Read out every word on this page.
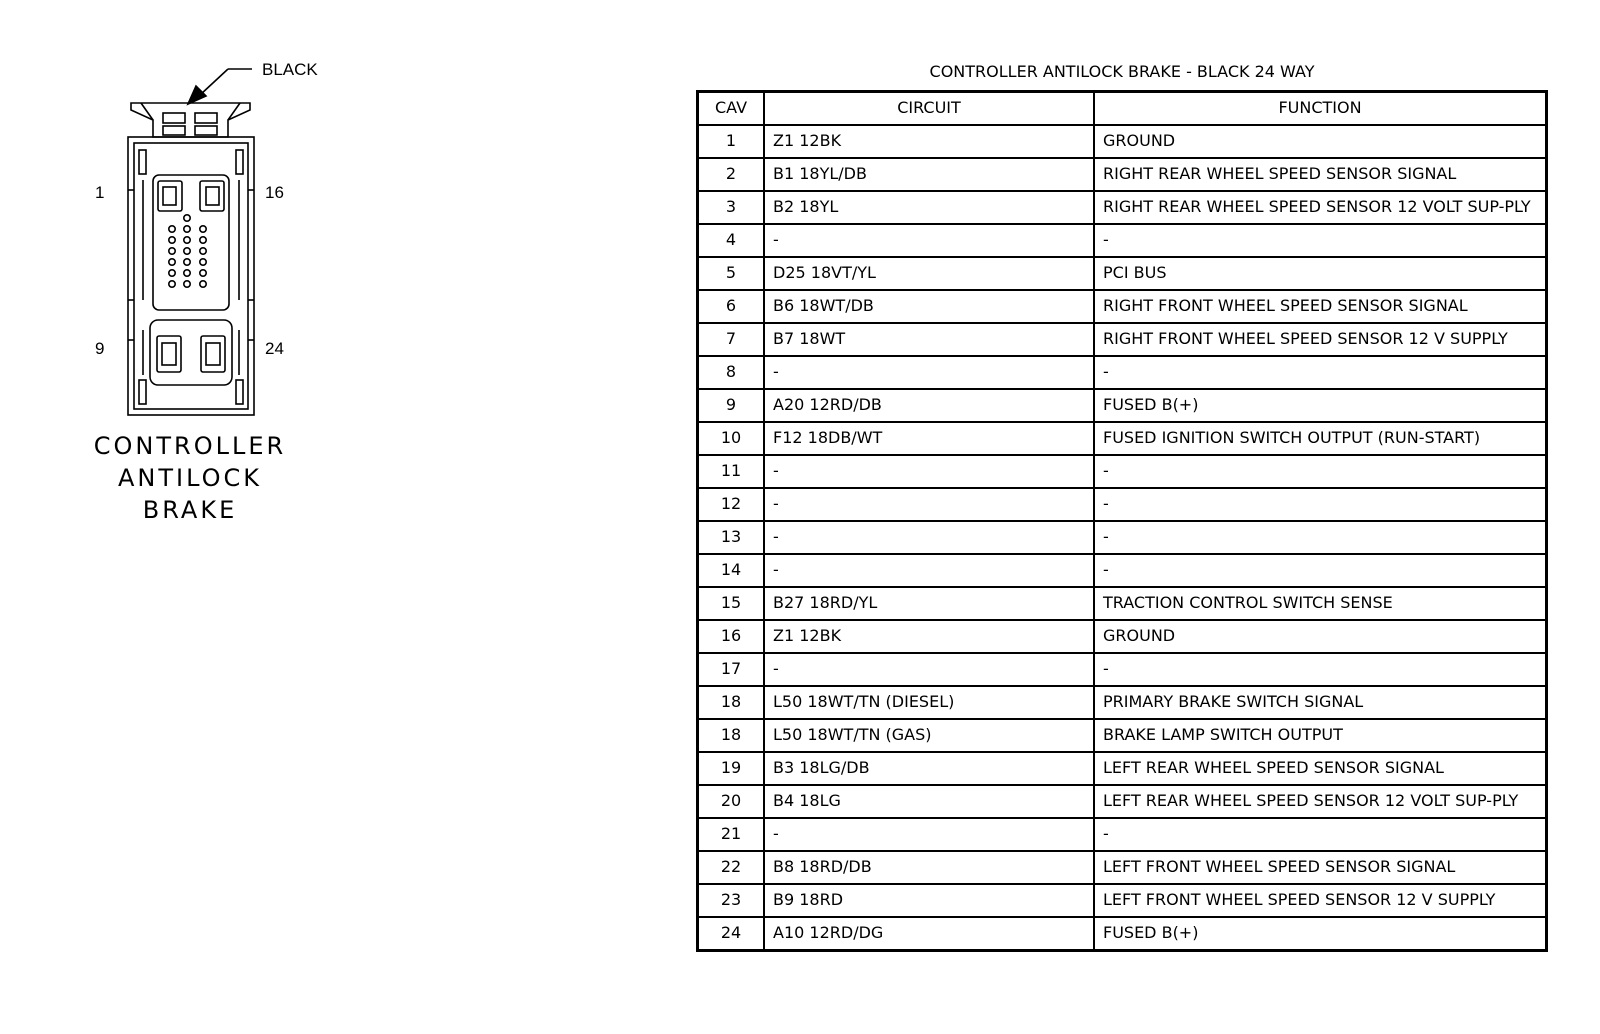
BLACK
1	16
9	24
CONTROLLER
ANTILOCK
BRAKE
CONTROLLER ANTILOCK BRAKE - BLACK 24 WAY
CAV	CIRCUIT	FUNCTION
1	Z1 12BK	GROUND
2	B1 18YL/DB	RIGHT REAR WHEEL SPEED SENSOR SIGNAL
3	B2 18YL	RIGHT REAR WHEEL SPEED SENSOR 12 VOLT SUP-PLY
4	-	-
5	D25 18VT/YL	PCI BUS
6	B6 18WT/DB	RIGHT FRONT WHEEL SPEED SENSOR SIGNAL
7	B7 18WT	RIGHT FRONT WHEEL SPEED SENSOR 12 V SUPPLY
8	-	-
9	A20 12RD/DB	FUSED B(+)
10	F12 18DB/WT	FUSED IGNITION SWITCH OUTPUT (RUN-START)
11	-	-
12	-	-
13	-	-
14	-	-
15	B27 18RD/YL	TRACTION CONTROL SWITCH SENSE
16	Z1 12BK	GROUND
17	-	-
18	L50 18WT/TN (DIESEL)	PRIMARY BRAKE SWITCH SIGNAL
18	L50 18WT/TN (GAS)	BRAKE LAMP SWITCH OUTPUT
19	B3 18LG/DB	LEFT REAR WHEEL SPEED SENSOR SIGNAL
20	B4 18LG	LEFT REAR WHEEL SPEED SENSOR 12 VOLT SUP-PLY
21	-	-
22	B8 18RD/DB	LEFT FRONT WHEEL SPEED SENSOR SIGNAL
23	B9 18RD	LEFT FRONT WHEEL SPEED SENSOR 12 V SUPPLY
24	A10 12RD/DG	FUSED B(+)
